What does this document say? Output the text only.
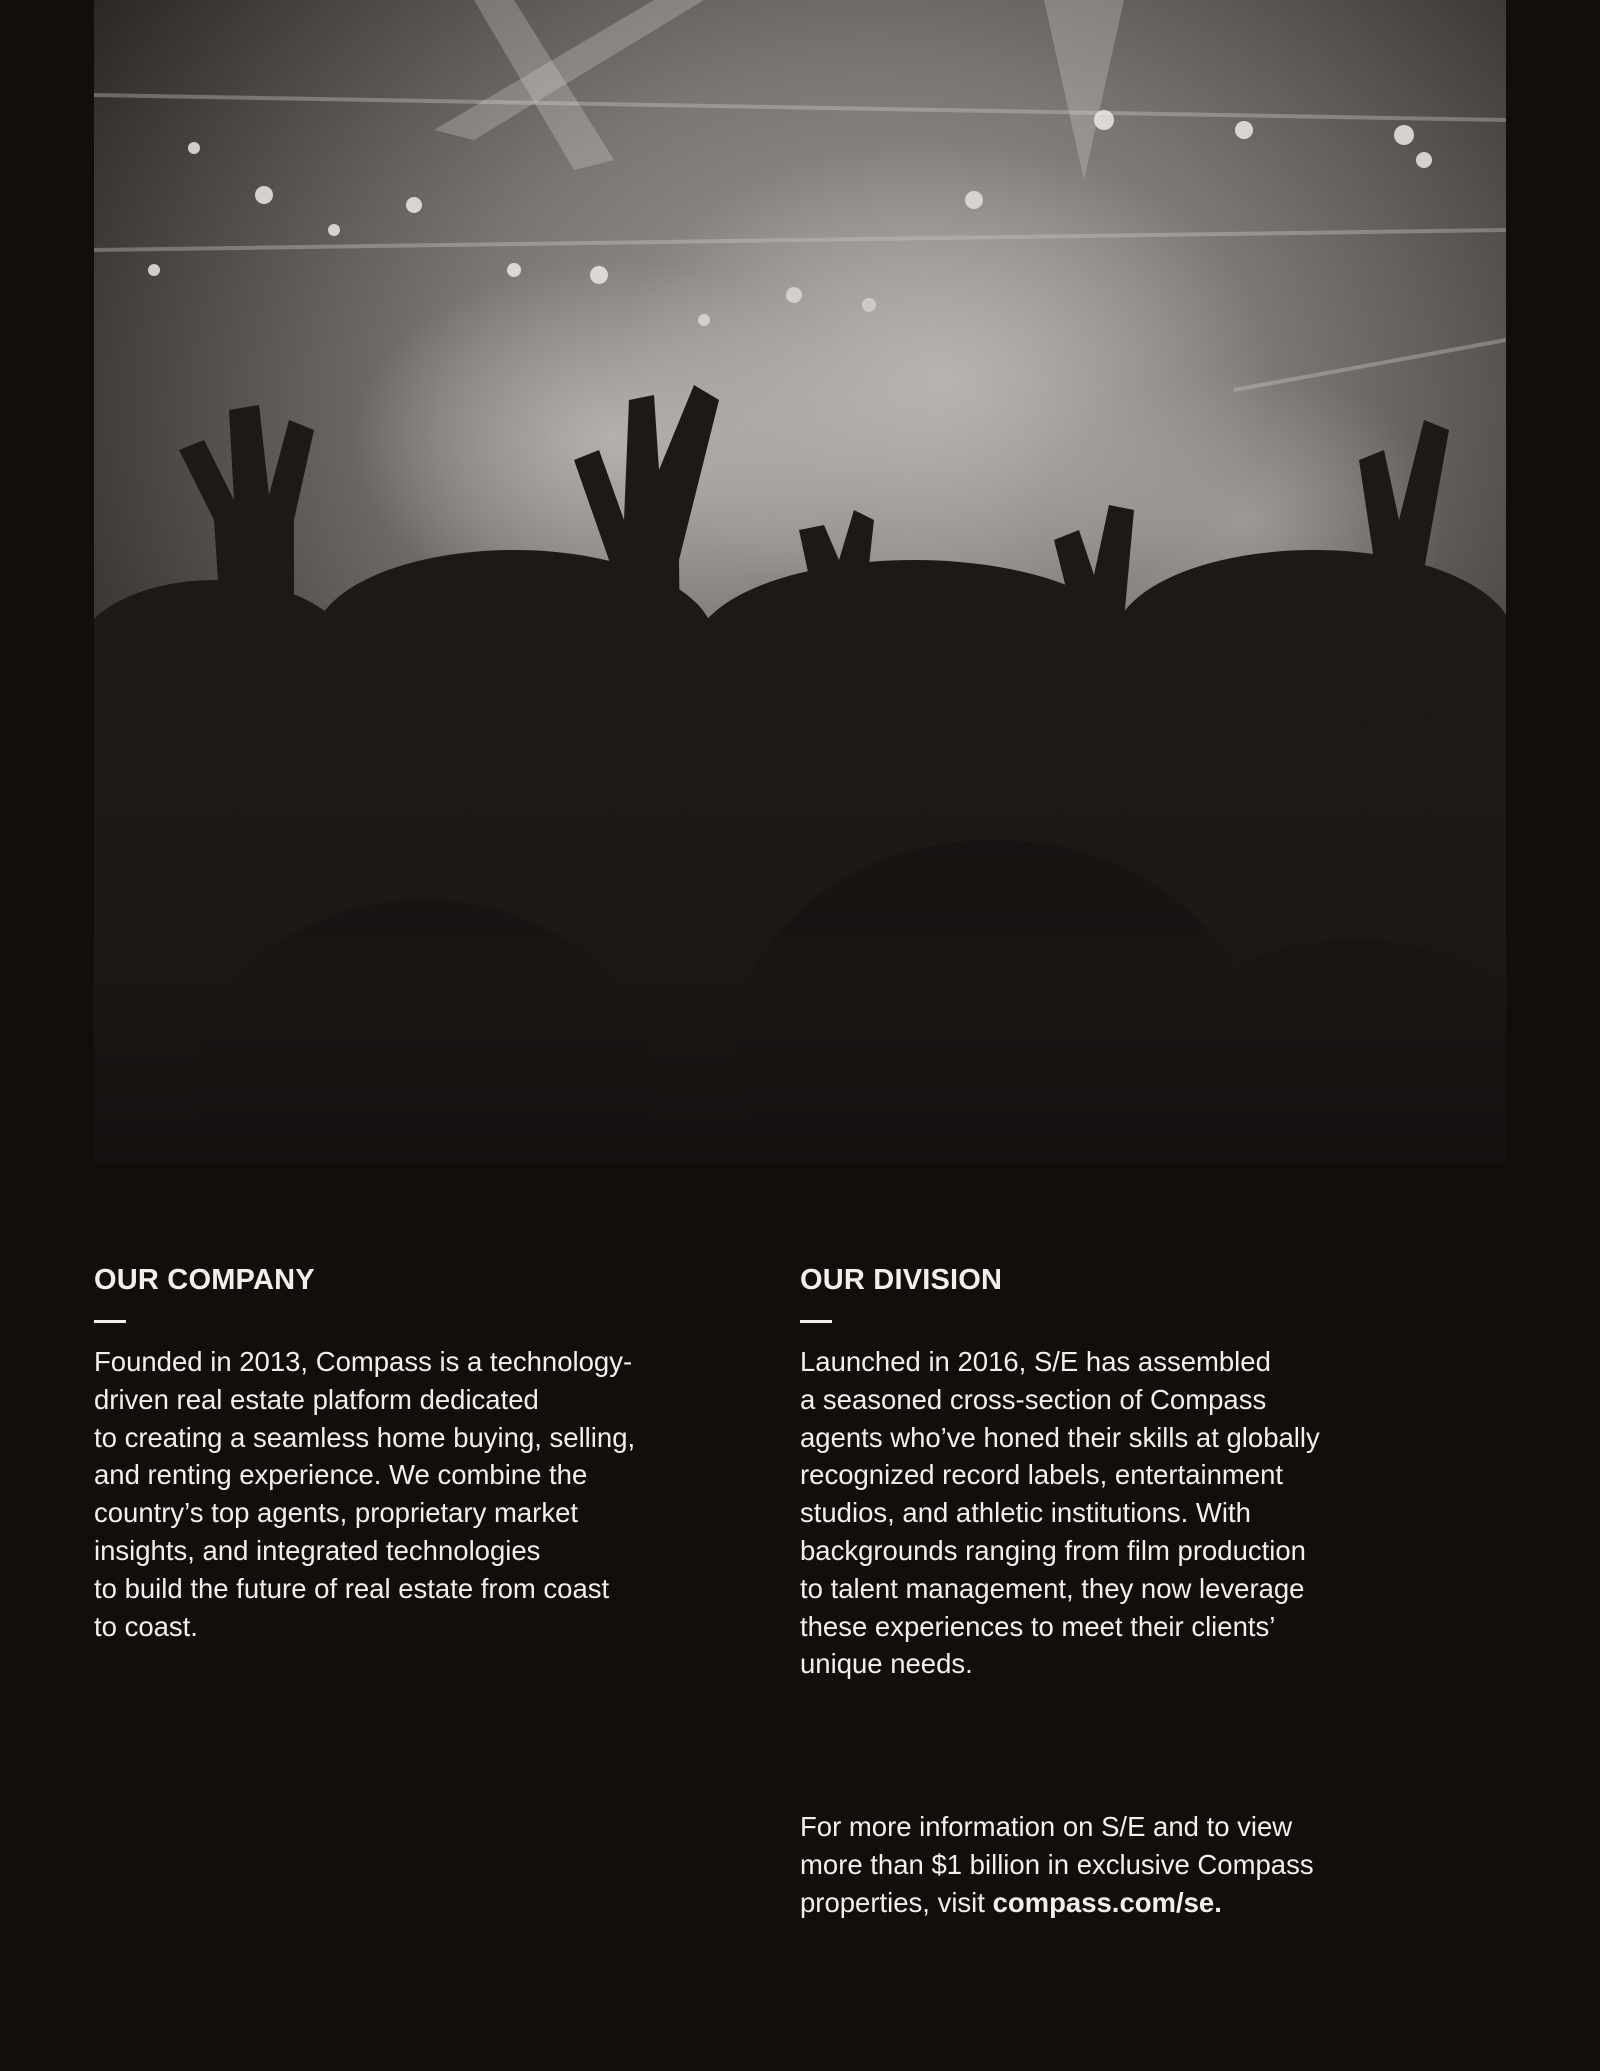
OUR COMPANY

Founded in 2013, Compass is a technology-
driven real estate platform dedicated
to creating a seamless home buying, selling,
and renting experience. We combine the
country’s top agents, proprietary market
insights, and integrated technologies
to build the future of real estate from coast
to coast.

OUR DIVISION

Launched in 2016, S/E has assembled
a seasoned cross-section of Compass
agents who’ve honed their skills at globally
recognized record labels, entertainment
studios, and athletic institutions. With
backgrounds ranging from film production
to talent management, they now leverage
these experiences to meet their clients’
unique needs.

For more information on S/E and to view
more than $1 billion in exclusive Compass
properties, visit compass.com/se.
